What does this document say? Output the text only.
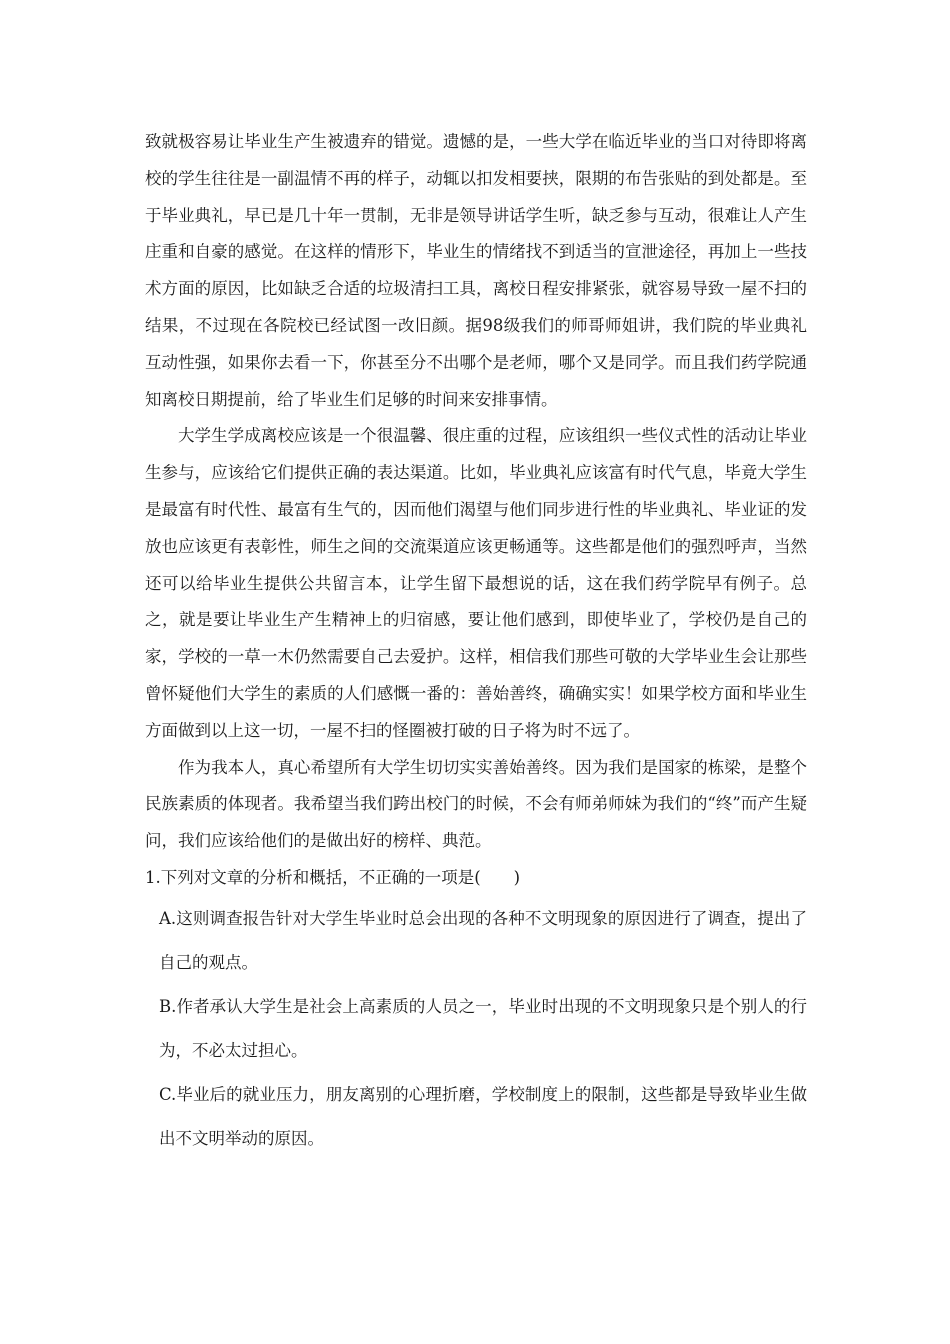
致就极容易让毕业生产生被遗弃的错觉。遗憾的是，一些大学在临近毕业的当口对待即将离校的学生往往是一副温情不再的样子，动辄以扣发相要挟，限期的布告张贴的到处都是。至于毕业典礼，早已是几十年一贯制，无非是领导讲话学生听，缺乏参与互动，很难让人产生庄重和自豪的感觉。在这样的情形下，毕业生的情绪找不到适当的宣泄途径，再加上一些技术方面的原因，比如缺乏合适的垃圾清扫工具，离校日程安排紧张，就容易导致一屋不扫的结果，不过现在各院校已经试图一改旧颜。据98级我们的师哥师姐讲，我们院的毕业典礼互动性强，如果你去看一下，你甚至分不出哪个是老师，哪个又是同学。而且我们药学院通知离校日期提前，给了毕业生们足够的时间来安排事情。

大学生学成离校应该是一个很温馨、很庄重的过程，应该组织一些仪式性的活动让毕业生参与，应该给它们提供正确的表达渠道。比如，毕业典礼应该富有时代气息，毕竟大学生是最富有时代性、最富有生气的，因而他们渴望与他们同步进行性的毕业典礼、毕业证的发放也应该更有表彰性，师生之间的交流渠道应该更畅通等。这些都是他们的强烈呼声，当然还可以给毕业生提供公共留言本，让学生留下最想说的话，这在我们药学院早有例子。总之，就是要让毕业生产生精神上的归宿感，要让他们感到，即使毕业了，学校仍是自己的家，学校的一草一木仍然需要自己去爱护。这样，相信我们那些可敬的大学毕业生会让那些曾怀疑他们大学生的素质的人们感慨一番的：善始善终，确确实实！如果学校方面和毕业生方面做到以上这一切，一屋不扫的怪圈被打破的日子将为时不远了。

作为我本人，真心希望所有大学生切切实实善始善终。因为我们是国家的栋梁，是整个民族素质的体现者。我希望当我们跨出校门的时候，不会有师弟师妹为我们的“终”而产生疑问，我们应该给他们的是做出好的榜样、典范。

1.下列对文章的分析和概括，不正确的一项是(　　)

A.这则调查报告针对大学生毕业时总会出现的各种不文明现象的原因进行了调查，提出了自己的观点。

B.作者承认大学生是社会上高素质的人员之一，毕业时出现的不文明现象只是个别人的行为，不必太过担心。

C.毕业后的就业压力，朋友离别的心理折磨，学校制度上的限制，这些都是导致毕业生做出不文明举动的原因。
